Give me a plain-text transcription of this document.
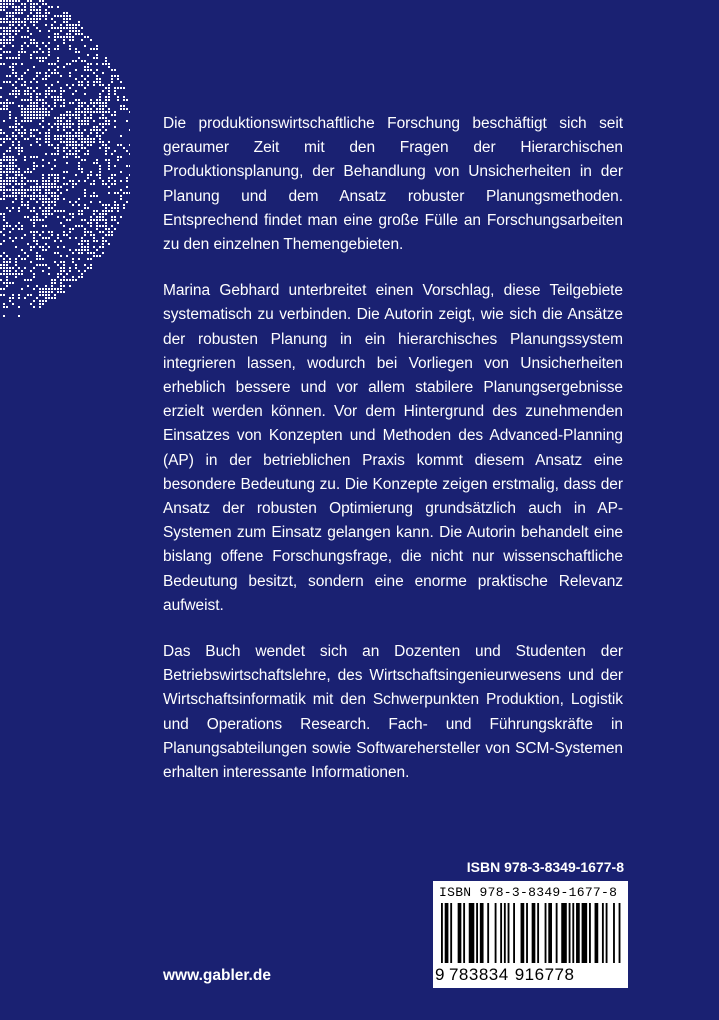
Die produktionswirtschaftliche Forschung beschäftigt sich seit geraumer Zeit mit den Fragen der Hierarchischen Produktionsplanung, der Behandlung von Unsicherheiten in der Planung und dem Ansatz robuster Planungsmethoden. Entsprechend findet man eine große Fülle an Forschungsarbeiten zu den einzelnen Themengebieten.

Marina Gebhard unterbreitet einen Vorschlag, diese Teilgebiete systematisch zu verbinden. Die Autorin zeigt, wie sich die Ansätze der robusten Planung in ein hierarchisches Planungssystem integrieren lassen, wodurch bei Vorliegen von Unsicherheiten erheblich bessere und vor allem stabilere Planungsergebnisse erzielt werden können. Vor dem Hintergrund des zunehmenden Einsatzes von Konzepten und Methoden des Advanced-Planning (AP) in der betrieblichen Praxis kommt diesem Ansatz eine besondere Bedeutung zu. Die Konzepte zeigen erstmalig, dass der Ansatz der robusten Optimierung grundsätzlich auch in AP-Systemen zum Einsatz gelangen kann. Die Autorin behandelt eine bislang offene Forschungsfrage, die nicht nur wissenschaftliche Bedeutung besitzt, sondern eine enorme praktische Relevanz aufweist.

Das Buch wendet sich an Dozenten und Studenten der Betriebswirtschaftslehre, des Wirtschaftsingenieurwesens und der Wirtschaftsinformatik mit den Schwerpunkten Produktion, Logistik und Operations Research. Fach- und Führungskräfte in Planungsabteilungen sowie Softwarehersteller von SCM-Systemen erhalten interessante Informationen.

ISBN 978-3-8349-1677-8
ISBN 978-3-8349-1677-8
9 783834 916778
www.gabler.de
